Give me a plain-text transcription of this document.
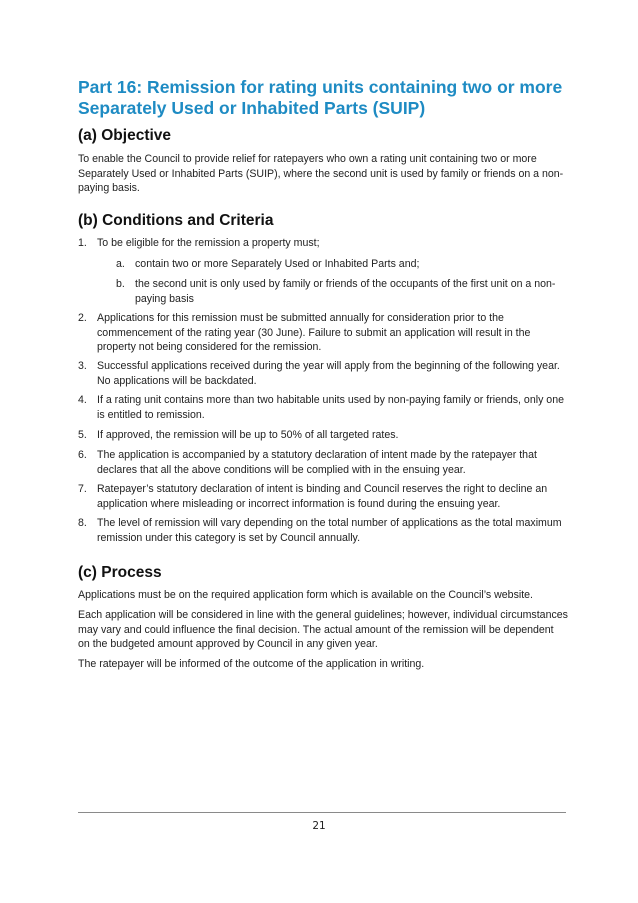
Part 16: Remission for rating units containing two or more Separately Used or Inhabited Parts (SUIP)
(a) Objective

To enable the Council to provide relief for ratepayers who own a rating unit containing two or more Separately Used or Inhabited Parts (SUIP), where the second unit is used by family or friends on a non-paying basis.

(b) Conditions and Criteria
1. To be eligible for the remission a property must;
a. contain two or more Separately Used or Inhabited Parts and;
b. the second unit is only used by family or friends of the occupants of the first unit on a non-paying basis
2. Applications for this remission must be submitted annually for consideration prior to the commencement of the rating year (30 June). Failure to submit an application will result in the property not being considered for the remission.
3. Successful applications received during the year will apply from the beginning of the following year. No applications will be backdated.
4. If a rating unit contains more than two habitable units used by non-paying family or friends, only one is entitled to remission.
5. If approved, the remission will be up to 50% of all targeted rates.
6. The application is accompanied by a statutory declaration of intent made by the ratepayer that declares that all the above conditions will be complied with in the ensuing year.
7. Ratepayer’s statutory declaration of intent is binding and Council reserves the right to decline an application where misleading or incorrect information is found during the ensuing year.
8. The level of remission will vary depending on the total number of applications as the total maximum remission under this category is set by Council annually.
(c) Process

Applications must be on the required application form which is available on the Council’s website.

Each application will be considered in line with the general guidelines; however, individual circumstances may vary and could influence the final decision. The actual amount of the remission will be dependent on the budgeted amount approved by Council in any given year.

The ratepayer will be informed of the outcome of the application in writing.

21
